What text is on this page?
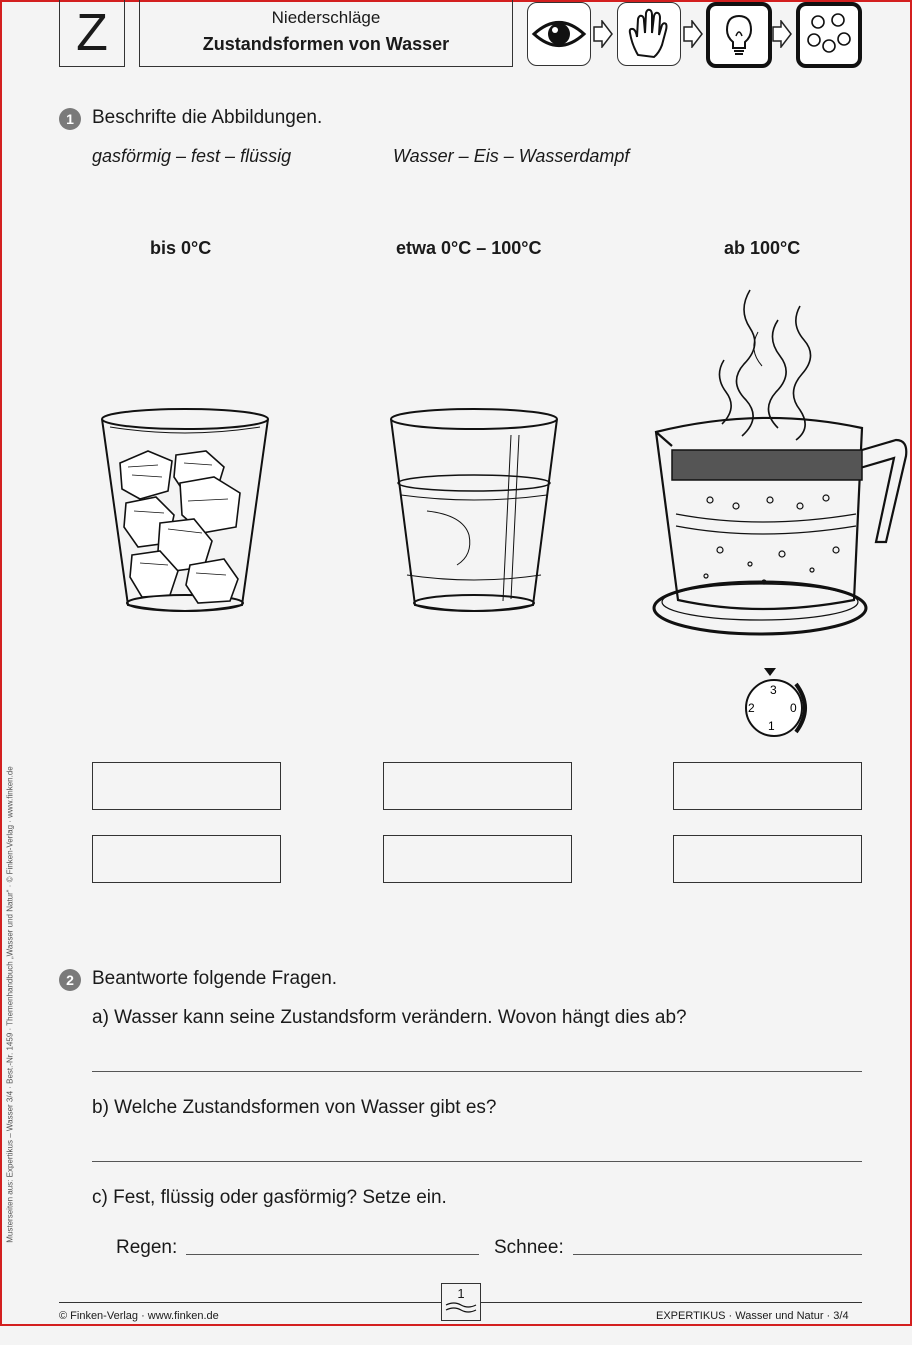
Z	Niederschläge
Zustandsformen von Wasser
1 Beschrifte die Abbildungen.
gasförmig – fest – flüssig	Wasser – Eis – Wasserdampf
bis 0°C	etwa 0°C – 100°C	ab 100°C
3
2	0
1
2 Beantworte folgende Fragen.
a) Wasser kann seine Zustandsform verändern. Wovon hängt dies ab?
b) Welche Zustandsformen von Wasser gibt es?
c) Fest, flüssig oder gasförmig? Setze ein.
Regen:	Schnee:
© Finken-Verlag · www.finken.de
1
EXPERTIKUS · Wasser und Natur · 3/4
Musterseiten aus: Expertikus – Wasser 3/4 · Best.-Nr. 1459 · Themenhandbuch „Wasser und Natur“ · © Finken-Verlag · www.finken.de
